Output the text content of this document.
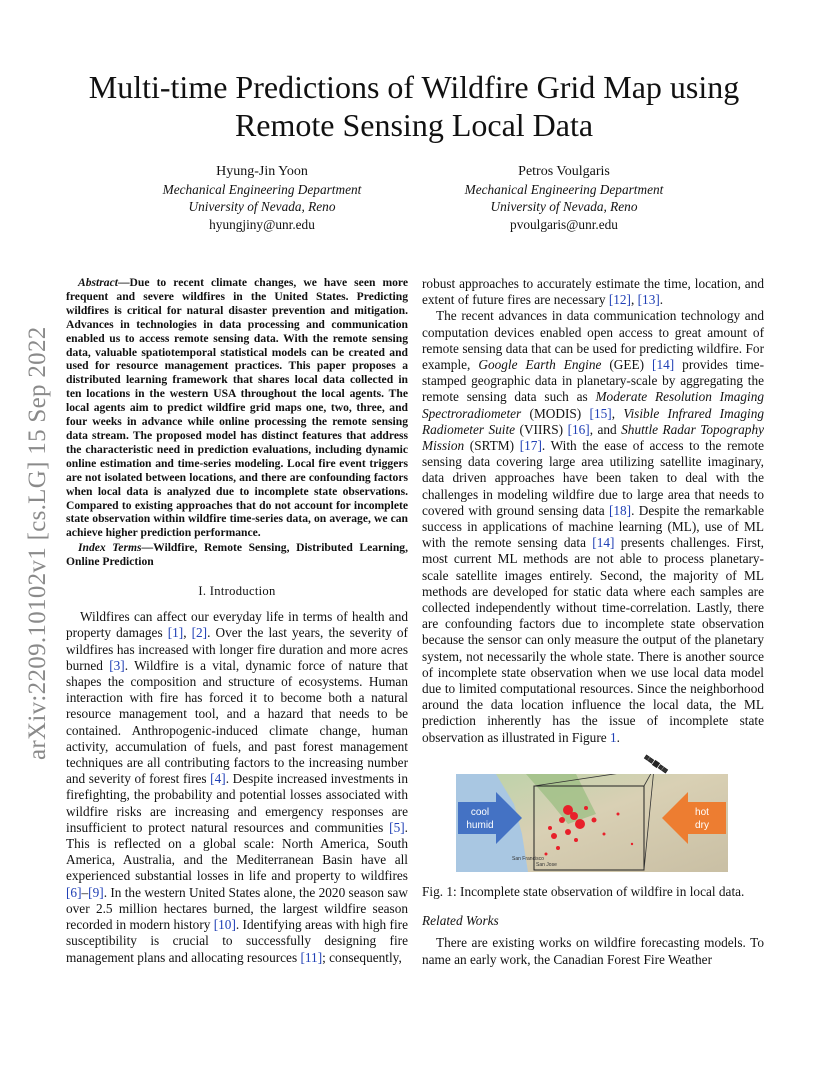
arXiv:2209.10102v1 [cs.LG] 15 Sep 2022
Multi-time Predictions of Wildfire Grid Map using Remote Sensing Local Data
Hyung-Jin Yoon
Mechanical Engineering Department
University of Nevada, Reno
hyungjiny@unr.edu
Petros Voulgaris
Mechanical Engineering Department
University of Nevada, Reno
pvoulgaris@unr.edu

Abstract—Due to recent climate changes, we have seen more frequent and severe wildfires in the United States. Predicting wildfires is critical for natural disaster prevention and mitigation. Advances in technologies in data processing and communication enabled us to access remote sensing data. With the remote sensing data, valuable spatiotemporal statistical models can be created and used for resource management practices. This paper proposes a distributed learning framework that shares local data collected in ten locations in the western USA throughout the local agents. The local agents aim to predict wildfire grid maps one, two, three, and four weeks in advance while online processing the remote sensing data stream. The proposed model has distinct features that address the characteristic need in prediction evaluations, including dynamic online estimation and time-series modeling. Local fire event triggers are not isolated between locations, and there are confounding factors when local data is analyzed due to incomplete state observations. Compared to existing approaches that do not account for incomplete state observation within wildfire time-series data, on average, we can achieve higher prediction performance.

Index Terms—Wildfire, Remote Sensing, Distributed Learning, Online Prediction

I. Introduction

Wildfires can affect our everyday life in terms of health and property damages [1], [2]. Over the last years, the severity of wildfires has increased with longer fire duration and more acres burned [3]. Wildfire is a vital, dynamic force of nature that shapes the composition and structure of ecosystems. Human interaction with fire has forced it to become both a natural resource management tool, and a hazard that needs to be contained. Anthropogenic-induced climate change, human activity, accumulation of fuels, and past forest management techniques are all contributing factors to the increasing number and severity of forest fires [4]. Despite increased investments in firefighting, the probability and potential losses associated with wildfire risks are increasing and emergency responses are insufficient to protect natural resources and communities [5]. This is reflected on a global scale: North America, South America, Australia, and the Mediterranean Basin have all experienced substantial losses in life and property to wildfires [6]–[9]. In the western United States alone, the 2020 season saw over 2.5 million hectares burned, the largest wildfire season recorded in modern history [10]. Identifying areas with high fire susceptibility is crucial to successfully designing fire management plans and allocating resources [11]; consequently,

robust approaches to accurately estimate the time, location, and extent of future fires are necessary [12], [13].

The recent advances in data communication technology and computation devices enabled open access to great amount of remote sensing data that can be used for predicting wildfire. For example, Google Earth Engine (GEE) [14] provides time-stamped geographic data in planetary-scale by aggregating the remote sensing data such as Moderate Resolution Imaging Spectroradiometer (MODIS) [15], Visible Infrared Imaging Radiometer Suite (VIIRS) [16], and Shuttle Radar Topography Mission (SRTM) [17]. With the ease of access to the remote sensing data covering large area utilizing satellite imaginary, data driven approaches have been taken to deal with the challenges in modeling wildfire due to large area that needs to covered with ground sensing data [18]. Despite the remarkable success in applications of machine learning (ML), use of ML with the remote sensing data [14] presents challenges. First, most current ML methods are not able to process planetary-scale satellite images entirely. Second, the majority of ML methods are developed for static data where each samples are collected independently without time-correlation. Lastly, there are confounding factors due to incomplete state observation because the sensor can only measure the output of the planetary system, not necessarily the whole state. There is another source of incomplete state observation when we use local data model due to limited computational resources. Since the neighborhood around the data location influence the local data, the ML prediction inherently has the issue of incomplete state observation as illustrated in Figure 1.

San Francisco
San Jose
cool
humid
hot
dry

Fig. 1: Incomplete state observation of wildfire in local data.

Related Works

There are existing works on wildfire forecasting models. To name an early work, the Canadian Forest Fire Weather
